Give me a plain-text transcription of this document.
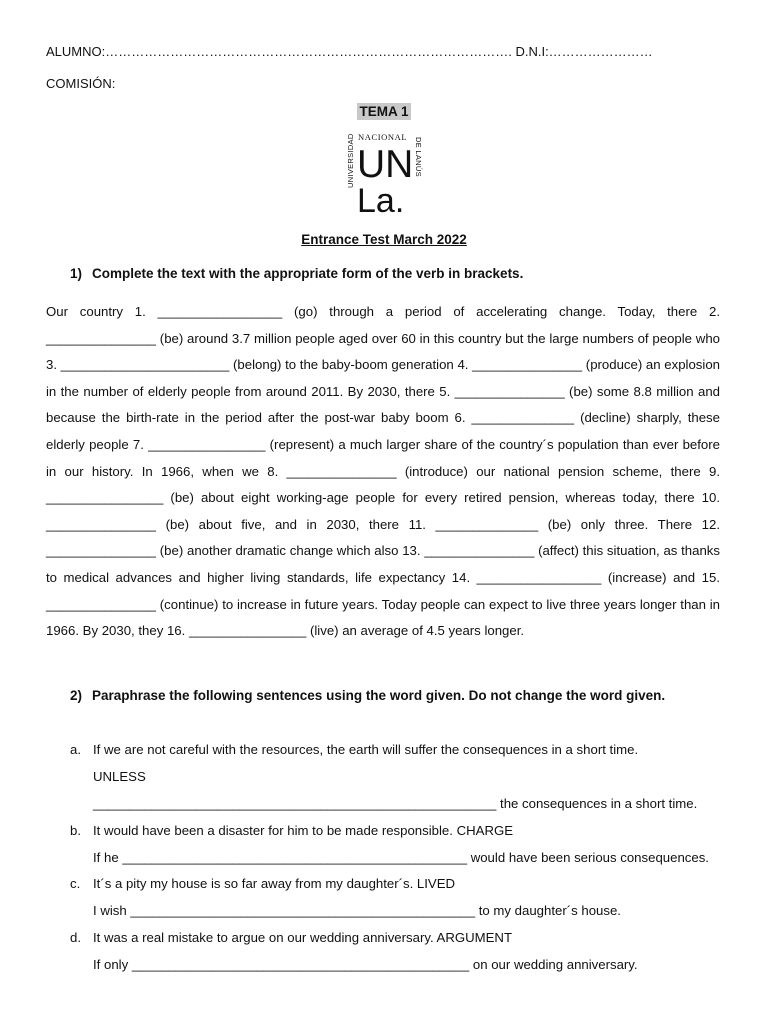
ALUMNO:…………………………………………………………………………………. D.N.I:……………………
COMISIÓN:
TEMA 1
UNIVERSIDAD NACIONAL DE LANÚS
UN
La.
Entrance Test March 2022
1) Complete the text with the appropriate form of the verb in brackets.
Our country 1. _________________ (go) through a period of accelerating change. Today, there 2. _______________ (be) around 3.7 million people aged over 60 in this country but the large numbers of people who 3. _______________________ (belong) to the baby-boom generation 4. _______________ (produce) an explosion in the number of elderly people from around 2011. By 2030, there 5. _______________ (be) some 8.8 million and because the birth-rate in the period after the post-war baby boom 6. ______________ (decline) sharply, these elderly people 7. ________________ (represent) a much larger share of the country´s population than ever before in our history. In 1966, when we 8. _______________ (introduce) our national pension scheme, there 9. ________________ (be) about eight working-age people for every retired pension, whereas today, there 10. _______________ (be) about five, and in 2030, there 11. ______________ (be) only three. There 12. _______________ (be) another dramatic change which also 13. _______________ (affect) this situation, as thanks to medical advances and higher living standards, life expectancy 14. _________________ (increase) and 15. _______________ (continue) to increase in future years. Today people can expect to live three years longer than in 1966. By 2030, they 16. ________________ (live) an average of 4.5 years longer.
2) Paraphrase the following sentences using the word given. Do not change the word given.
a. If we are not careful with the resources, the earth will suffer the consequences in a short time.
UNLESS
_______________________________________________________ the consequences in a short time.
b. It would have been a disaster for him to be made responsible. CHARGE
If he _______________________________________________ would have been serious consequences.
c. It´s a pity my house is so far away from my daughter´s. LIVED
I wish _______________________________________________ to my daughter´s house.
d. It was a real mistake to argue on our wedding anniversary. ARGUMENT
If only ______________________________________________ on our wedding anniversary.
